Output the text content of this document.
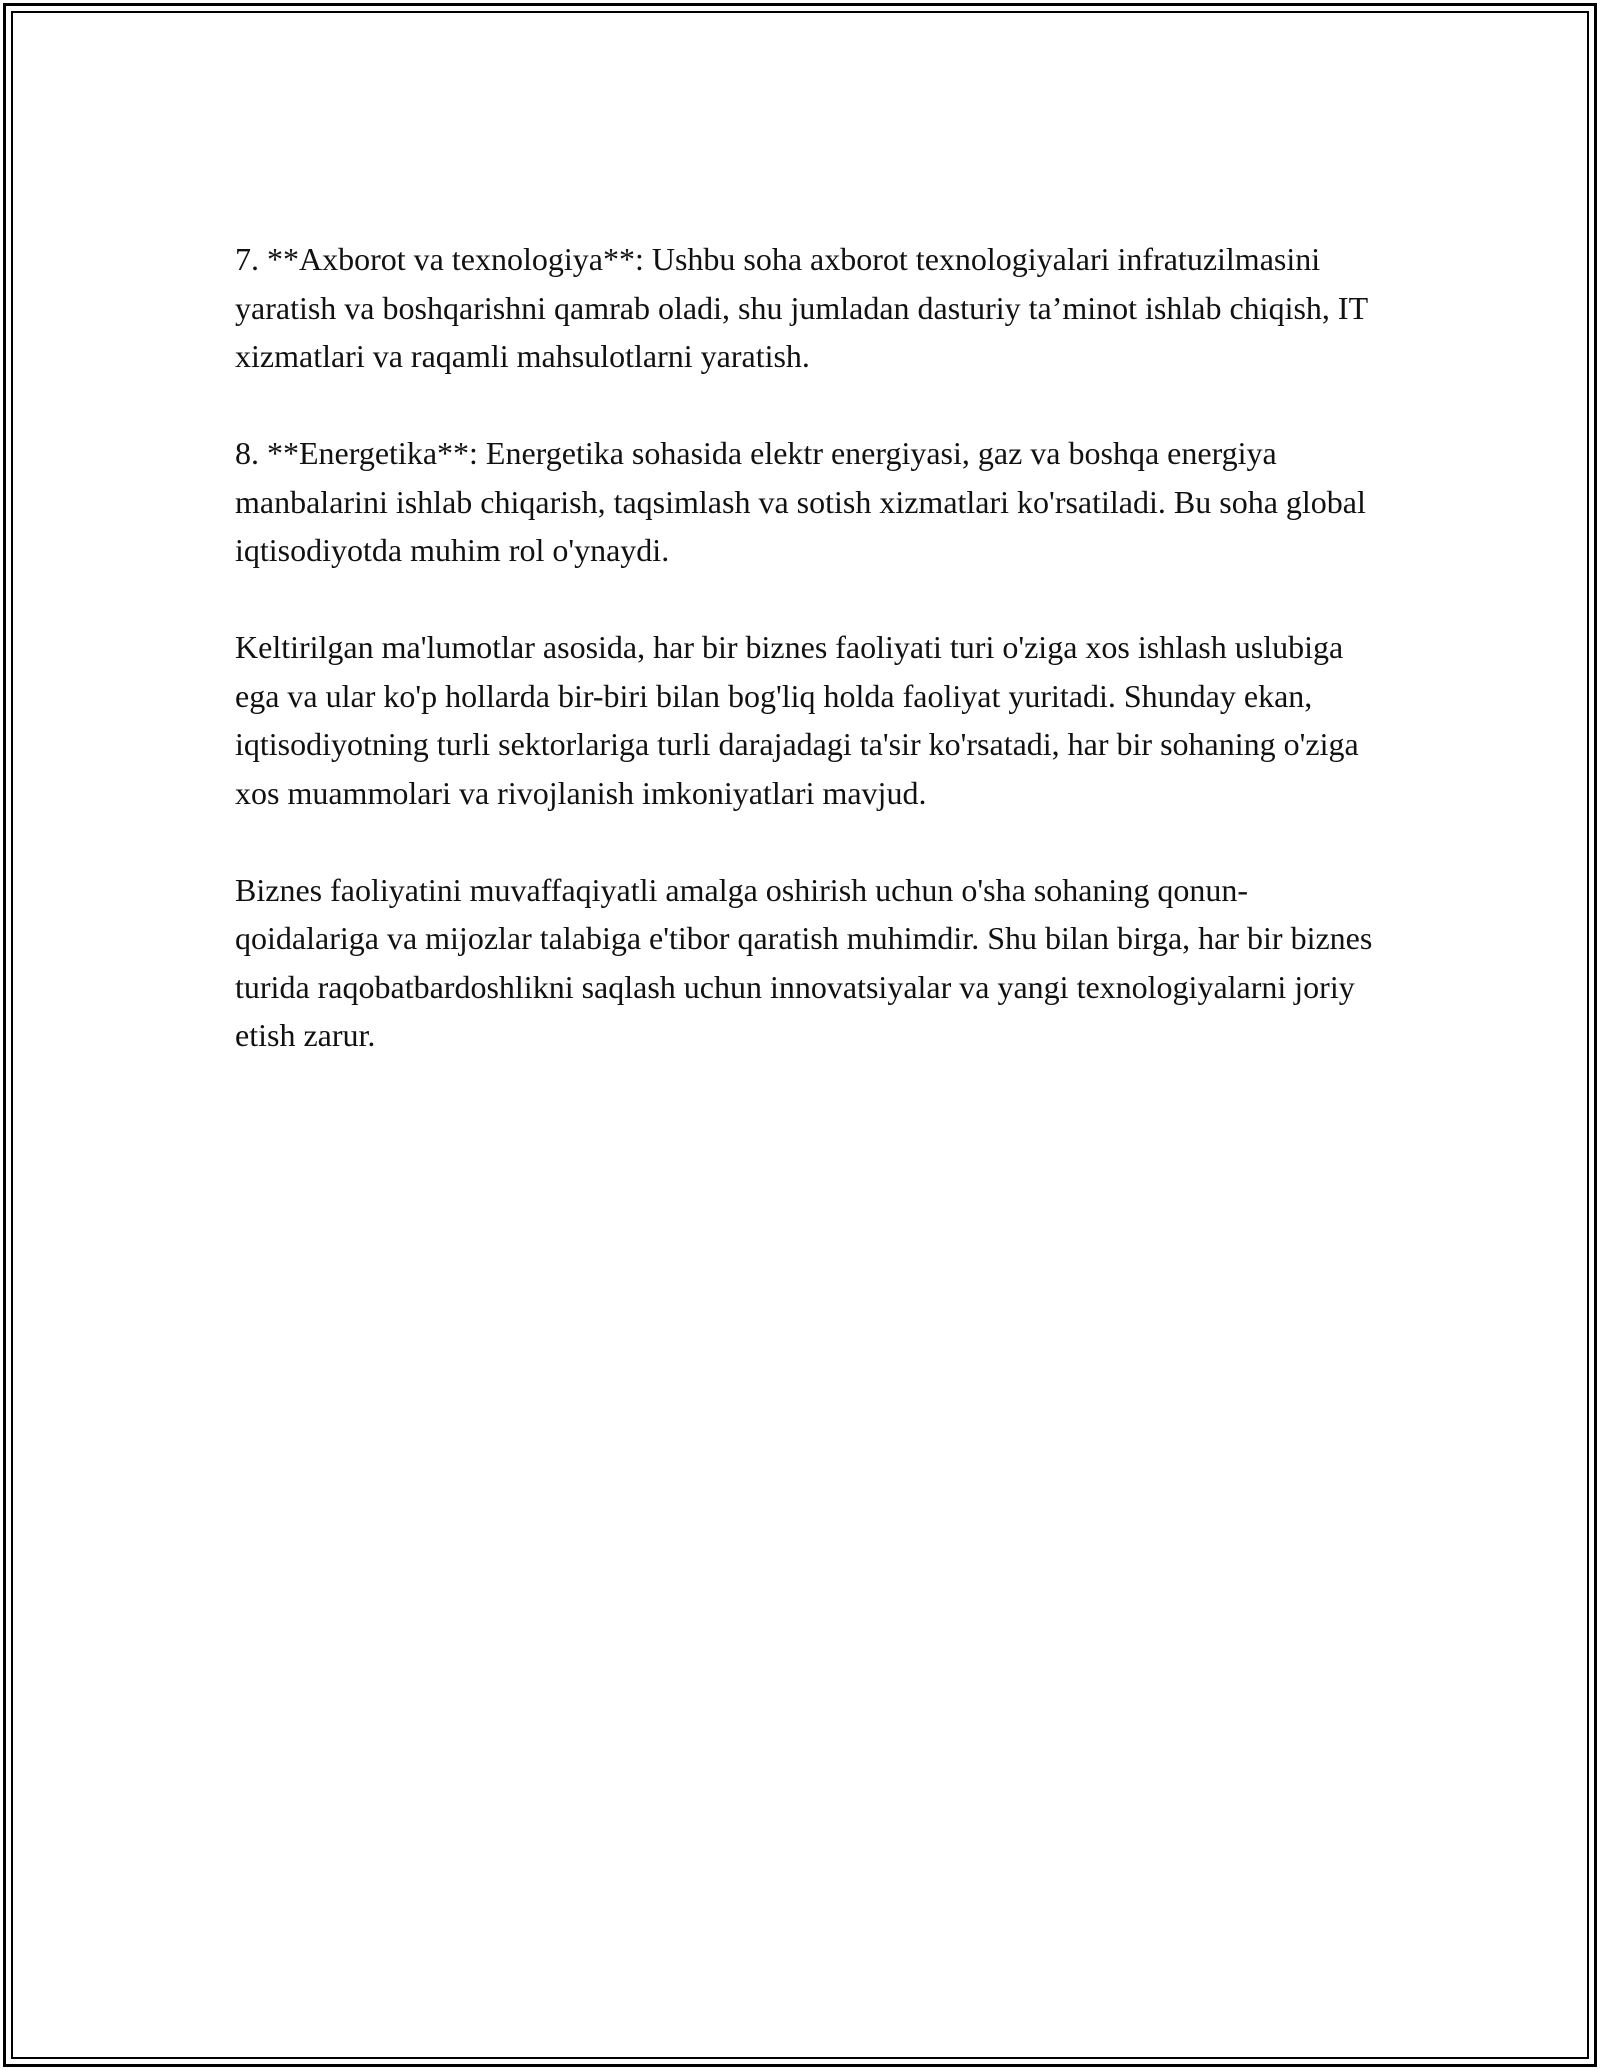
7. **Axborot va texnologiya**: Ushbu soha axborot texnologiyalari infratuzilmasini yaratish va boshqarishni qamrab oladi, shu jumladan dasturiy ta’minot ishlab chiqish, IT xizmatlari va raqamli mahsulotlarni yaratish.

8. **Energetika**: Energetika sohasida elektr energiyasi, gaz va boshqa energiya manbalarini ishlab chiqarish, taqsimlash va sotish xizmatlari ko'rsatiladi. Bu soha global iqtisodiyotda muhim rol o'ynaydi.

Keltirilgan ma'lumotlar asosida, har bir biznes faoliyati turi o'ziga xos ishlash uslubiga ega va ular ko'p hollarda bir-biri bilan bog'liq holda faoliyat yuritadi. Shunday ekan, iqtisodiyotning turli sektorlariga turli darajadagi ta'sir ko'rsatadi, har bir sohaning o'ziga xos muammolari va rivojlanish imkoniyatlari mavjud.

Biznes faoliyatini muvaffaqiyatli amalga oshirish uchun o'sha sohaning qonun-qoidalariga va mijozlar talabiga e'tibor qaratish muhimdir. Shu bilan birga, har bir biznes turida raqobatbardoshlikni saqlash uchun innovatsiyalar va yangi texnologiyalarni joriy etish zarur.
